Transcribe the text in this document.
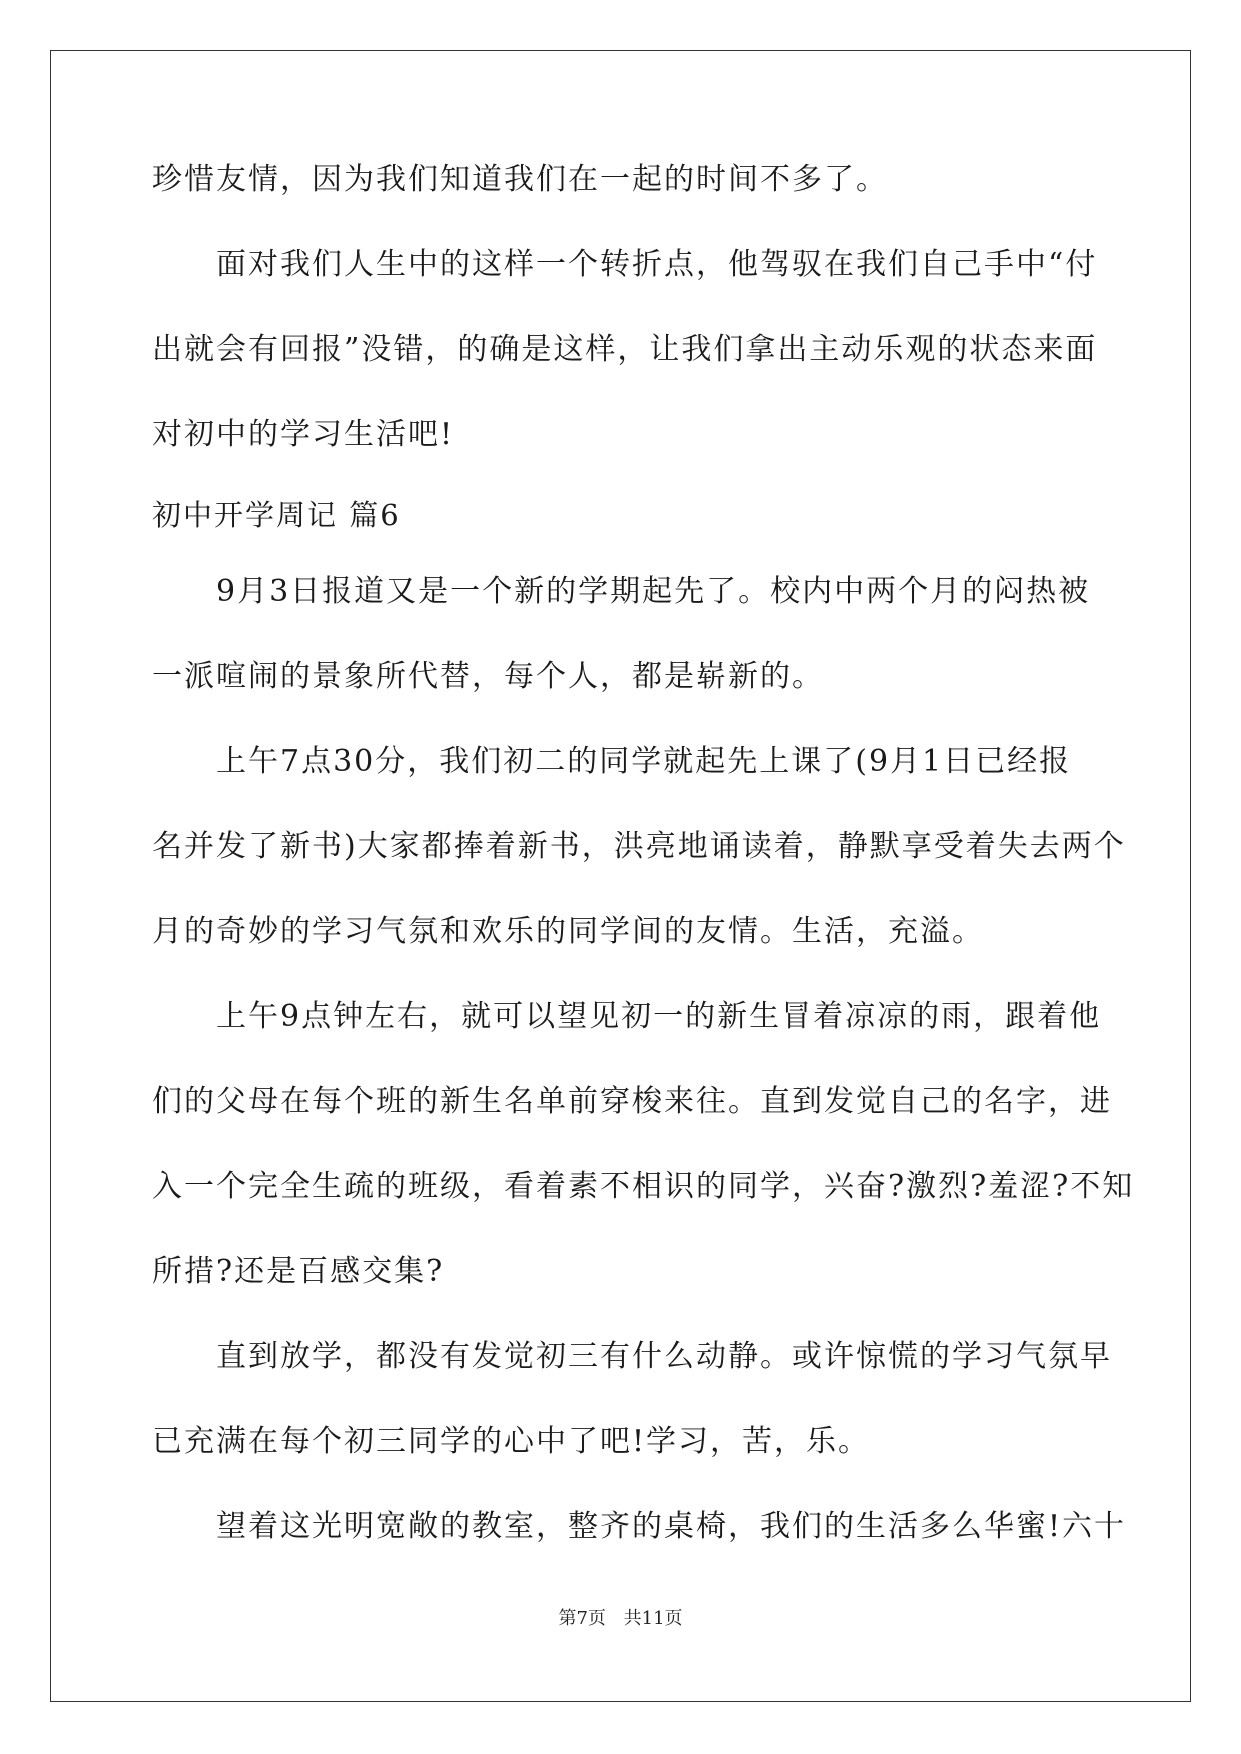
珍惜友情，因为我们知道我们在一起的时间不多了。
面对我们人生中的这样一个转折点，他驾驭在我们自己手中“付
出就会有回报”没错，的确是这样，让我们拿出主动乐观的状态来面
对初中的学习生活吧!
初中开学周记 篇6
9月3日报道又是一个新的学期起先了。校内中两个月的闷热被
一派喧闹的景象所代替，每个人，都是崭新的。
上午7点30分，我们初二的同学就起先上课了(9月1日已经报
名并发了新书)大家都捧着新书，洪亮地诵读着，静默享受着失去两个
月的奇妙的学习气氛和欢乐的同学间的友情。生活，充溢。
上午9点钟左右，就可以望见初一的新生冒着凉凉的雨，跟着他
们的父母在每个班的新生名单前穿梭来往。直到发觉自己的名字，进
入一个完全生疏的班级，看着素不相识的同学，兴奋?激烈?羞涩?不知
所措?还是百感交集?
直到放学，都没有发觉初三有什么动静。或许惊慌的学习气氛早
已充满在每个初三同学的心中了吧!学习，苦，乐。
望着这光明宽敞的教室，整齐的桌椅，我们的生活多么华蜜!六十
第7页 共11页
